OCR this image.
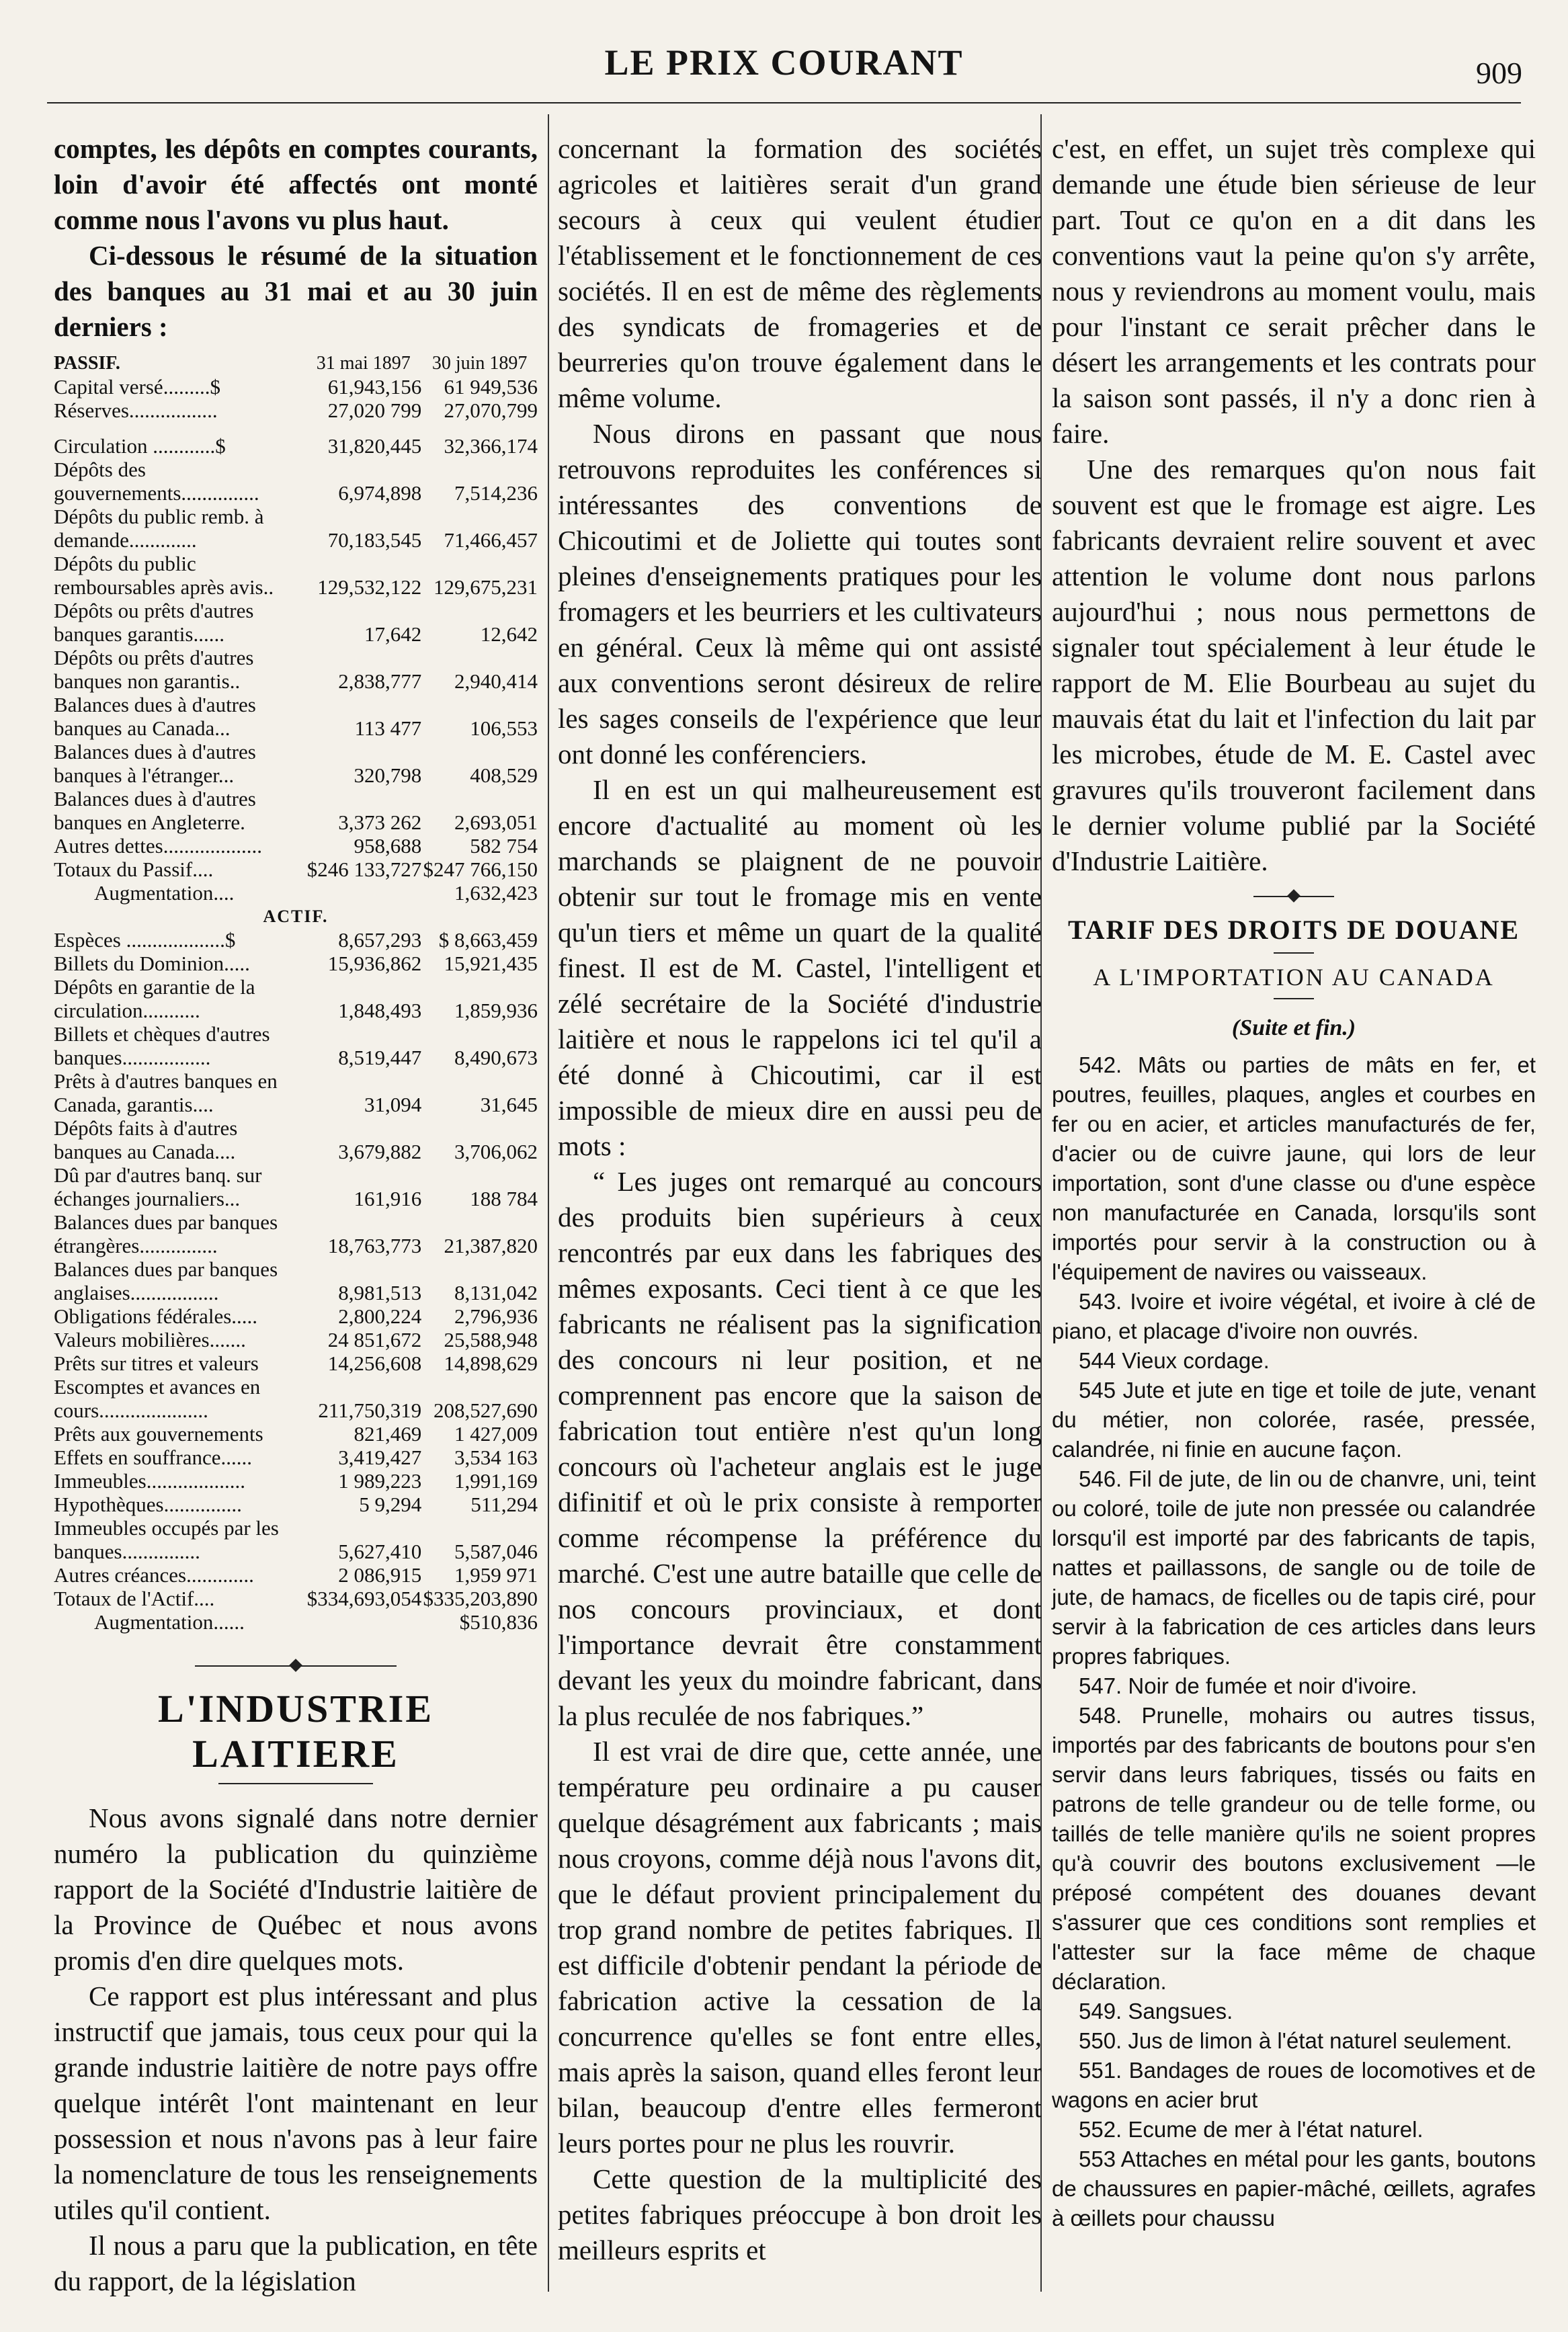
LE PRIX COURANT	909

comptes, les dépôts en comptes courants, loin d'avoir été affectés ont monté comme nous l'avons vu plus haut.

Ci-dessous le résumé de la situation des banques au 31 mai et au 30 juin derniers :

PASSIF.	31 mai 1897	30 juin 1897
Capital versé.........$	61,943,156	61 949,536
Réserves.................	27,020 799	27,070,799

Circulation ............$	31,820,445	32,366,174
Dépôts des gouvernements...............	6,974,898	7,514,236
Dépôts du public remb. à demande.............	70,183,545	71,466,457
Dépôts du public remboursables après avis..	129,532,122	129,675,231
Dépôts ou prêts d'autres banques garantis......	17,642	12,642
Dépôts ou prêts d'autres banques non garantis..	2,838,777	2,940,414
Balances dues à d'autres banques au Canada...	113 477	106,553
Balances dues à d'autres banques à l'étranger...	320,798	408,529
Balances dues à d'autres banques en Angleterre.	3,373 262	2,693,051
Autres dettes...................	958,688	582 754
Totaux du Passif....	$246 133,727	$247 766,150
Augmentation....		1,632,423
ACTIF.		
Espèces ...................$	8,657,293	$ 8,663,459
Billets du Dominion.....	15,936,862	15,921,435
Dépôts en garantie de la circulation...........	1,848,493	1,859,936
Billets et chèques d'autres banques.................	8,519,447	8,490,673
Prêts à d'autres banques en Canada, garantis....	31,094	31,645
Dépôts faits à d'autres banques au Canada....	3,679,882	3,706,062
Dû par d'autres banq. sur échanges journaliers...	161,916	188 784
Balances dues par banques étrangères...............	18,763,773	21,387,820
Balances dues par banques anglaises.................	8,981,513	8,131,042
Obligations fédérales.....	2,800,224	2,796,936
Valeurs mobilières.......	24 851,672	25,588,948
Prêts sur titres et valeurs	14,256,608	14,898,629
Escomptes et avances en cours.....................	211,750,319	208,527,690
Prêts aux gouvernements	821,469	1 427,009
Effets en souffrance......	3,419,427	3,534 163
Immeubles...................	1 989,223	1,991,169
Hypothèques...............	5 9,294	511,294
Immeubles occupés par les banques...............	5,627,410	5,587,046
Autres créances.............	2 086,915	1,959 971
Totaux de l'Actif....	$334,693,054	$335,203,890
Augmentation......		$510,836
L'INDUSTRIE LAITIERE

Nous avons signalé dans notre dernier numéro la publication du quinzième rapport de la Société d'Industrie laitière de la Province de Québec et nous avons promis d'en dire quelques mots.

Ce rapport est plus intéressant and plus instructif que jamais, tous ceux pour qui la grande industrie laitière de notre pays offre quelque intérêt l'ont maintenant en leur possession et nous n'avons pas à leur faire la nomenclature de tous les renseignements utiles qu'il contient.

Il nous a paru que la publication, en tête du rapport, de la législation

concernant la formation des sociétés agricoles et laitières serait d'un grand secours à ceux qui veulent étudier l'établissement et le fonctionnement de ces sociétés. Il en est de même des règlements des syndicats de fromageries et de beurreries qu'on trouve également dans le même volume.

Nous dirons en passant que nous retrouvons reproduites les conférences si intéressantes des conventions de Chicoutimi et de Joliette qui toutes sont pleines d'enseignements pratiques pour les fromagers et les beurriers et les cultivateurs en général. Ceux là même qui ont assisté aux conventions seront désireux de relire les sages conseils de l'expérience que leur ont donné les conférenciers.

Il en est un qui malheureusement est encore d'actualité au moment où les marchands se plaignent de ne pouvoir obtenir sur tout le fromage mis en vente qu'un tiers et même un quart de la qualité finest. Il est de M. Castel, l'intelligent et zélé secrétaire de la Société d'industrie laitière et nous le rappelons ici tel qu'il a été donné à Chicoutimi, car il est impossible de mieux dire en aussi peu de mots :

“ Les juges ont remarqué au concours des produits bien supérieurs à ceux rencontrés par eux dans les fabriques des mêmes exposants. Ceci tient à ce que les fabricants ne réalisent pas la signification des concours ni leur position, et ne comprennent pas encore que la saison de fabrication tout entière n'est qu'un long concours où l'acheteur anglais est le juge difinitif et où le prix consiste à remporter comme récompense la préférence du marché. C'est une autre bataille que celle de nos concours provinciaux, et dont l'importance devrait être constamment devant les yeux du moindre fabricant, dans la plus reculée de nos fabriques.”

Il est vrai de dire que, cette année, une température peu ordinaire a pu causer quelque désagrément aux fabricants ; mais nous croyons, comme déjà nous l'avons dit, que le défaut provient principalement du trop grand nombre de petites fabriques. Il est difficile d'obtenir pendant la période de fabrication active la cessation de la concurrence qu'elles se font entre elles, mais après la saison, quand elles feront leur bilan, beaucoup d'entre elles fermeront leurs portes pour ne plus les rouvrir.

Cette question de la multiplicité des petites fabriques préoccupe à bon droit les meilleurs esprits et

c'est, en effet, un sujet très complexe qui demande une étude bien sérieuse de leur part. Tout ce qu'on en a dit dans les conventions vaut la peine qu'on s'y arrête, nous y reviendrons au moment voulu, mais pour l'instant ce serait prêcher dans le désert les arrangements et les contrats pour la saison sont passés, il n'y a donc rien à faire.

Une des remarques qu'on nous fait souvent est que le fromage est aigre. Les fabricants devraient relire souvent et avec attention le volume dont nous parlons aujourd'hui ; nous nous permettons de signaler tout spécialement à leur étude le rapport de M. Elie Bourbeau au sujet du mauvais état du lait et l'infection du lait par les microbes, étude de M. E. Castel avec gravures qu'ils trouveront facilement dans le dernier volume publié par la Société d'Industrie Laitière.

TARIF DES DROITS DE DOUANE
A L'IMPORTATION AU CANADA
(Suite et fin.)

542. Mâts ou parties de mâts en fer, et poutres, feuilles, plaques, angles et courbes en fer ou en acier, et articles manufacturés de fer, d'acier ou de cuivre jaune, qui lors de leur importation, sont d'une classe ou d'une espèce non manufacturée en Canada, lorsqu'ils sont importés pour servir à la construction ou à l'équipement de navires ou vaisseaux.

543. Ivoire et ivoire végétal, et ivoire à clé de piano, et placage d'ivoire non ouvrés.

544 Vieux cordage.

545 Jute et jute en tige et toile de jute, venant du métier, non colorée, rasée, pressée, calandrée, ni finie en aucune façon.

546. Fil de jute, de lin ou de chanvre, uni, teint ou coloré, toile de jute non pressée ou calandrée lorsqu'il est importé par des fabricants de tapis, nattes et paillassons, de sangle ou de toile de jute, de hamacs, de ficelles ou de tapis ciré, pour servir à la fabrication de ces articles dans leurs propres fabriques.

547. Noir de fumée et noir d'ivoire.

548. Prunelle, mohairs ou autres tissus, importés par des fabricants de boutons pour s'en servir dans leurs fabriques, tissés ou faits en patrons de telle grandeur ou de telle forme, ou taillés de telle manière qu'ils ne soient propres qu'à couvrir des boutons exclusivement —le préposé compétent des douanes devant s'assurer que ces conditions sont remplies et l'attester sur la face même de chaque déclaration.

549. Sangsues.

550. Jus de limon à l'état naturel seulement.

551. Bandages de roues de locomotives et de wagons en acier brut

552. Ecume de mer à l'état naturel.

553 Attaches en métal pour les gants, boutons de chaussures en papier-mâché, œillets, agrafes à œillets pour chaussu
